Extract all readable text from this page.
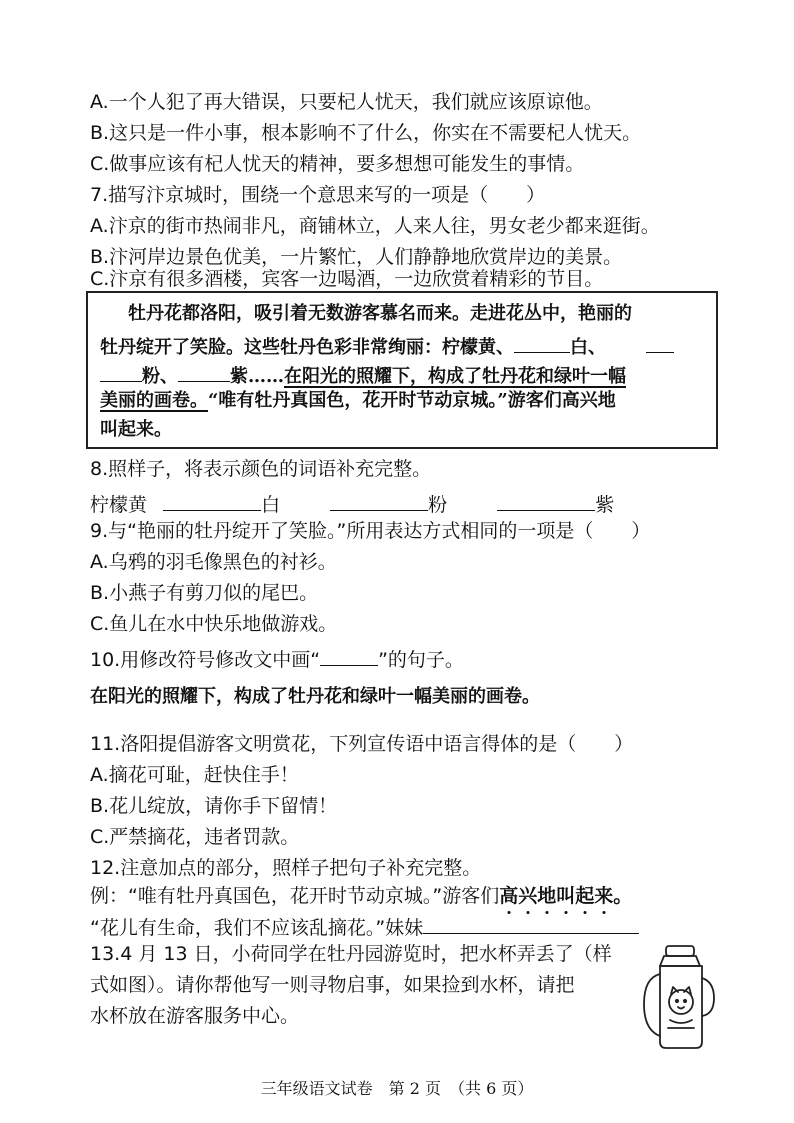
A.一个人犯了再大错误，只要杞人忧天，我们就应该原谅他。
B.这只是一件小事，根本影响不了什么，你实在不需要杞人忧天。
C.做事应该有杞人忧天的精神，要多想想可能发生的事情。
7.描写汴京城时，围绕一个意思来写的一项是（　　）
A.汴京的街市热闹非凡，商铺林立，人来人往，男女老少都来逛街。
B.汴河岸边景色优美，一片繁忙，人们静静地欣赏岸边的美景。
C.汴京有很多酒楼，宾客一边喝酒，一边欣赏着精彩的节目。
牡丹花都洛阳，吸引着无数游客慕名而来。走进花丛中，艳丽的
牡丹绽开了笑脸。这些牡丹色彩非常绚丽：柠檬黄、	白、
粉、	紫……在阳光的照耀下，构成了牡丹花和绿叶一幅
美丽的画卷。“唯有牡丹真国色，花开时节动京城。”游客们高兴地
叫起来。
8.照样子，将表示颜色的词语补充完整。
柠檬黄	白	粉	紫
9.与“艳丽的牡丹绽开了笑脸。”所用表达方式相同的一项是（　　）
A.乌鸦的羽毛像黑色的衬衫。
B.小燕子有剪刀似的尾巴。
C.鱼儿在水中快乐地做游戏。
10.用修改符号修改文中画“	”的句子。
在阳光的照耀下，构成了牡丹花和绿叶一幅美丽的画卷。
11.洛阳提倡游客文明赏花，下列宣传语中语言得体的是（　　）
A.摘花可耻，赶快住手！
B.花儿绽放，请你手下留情！
C.严禁摘花，违者罚款。
12.注意加点的部分，照样子把句子补充完整。
例：“唯有牡丹真国色，花开时节动京城。”游客们高兴地叫起来。
“花儿有生命，我们不应该乱摘花。”妹妹
13.4 月 13 日，小荷同学在牡丹园游览时，把水杯弄丢了（样
式如图）。请你帮他写一则寻物启事，如果捡到水杯，请把
水杯放在游客服务中心。
三年级语文试卷　第 2 页　（共 6 页）
